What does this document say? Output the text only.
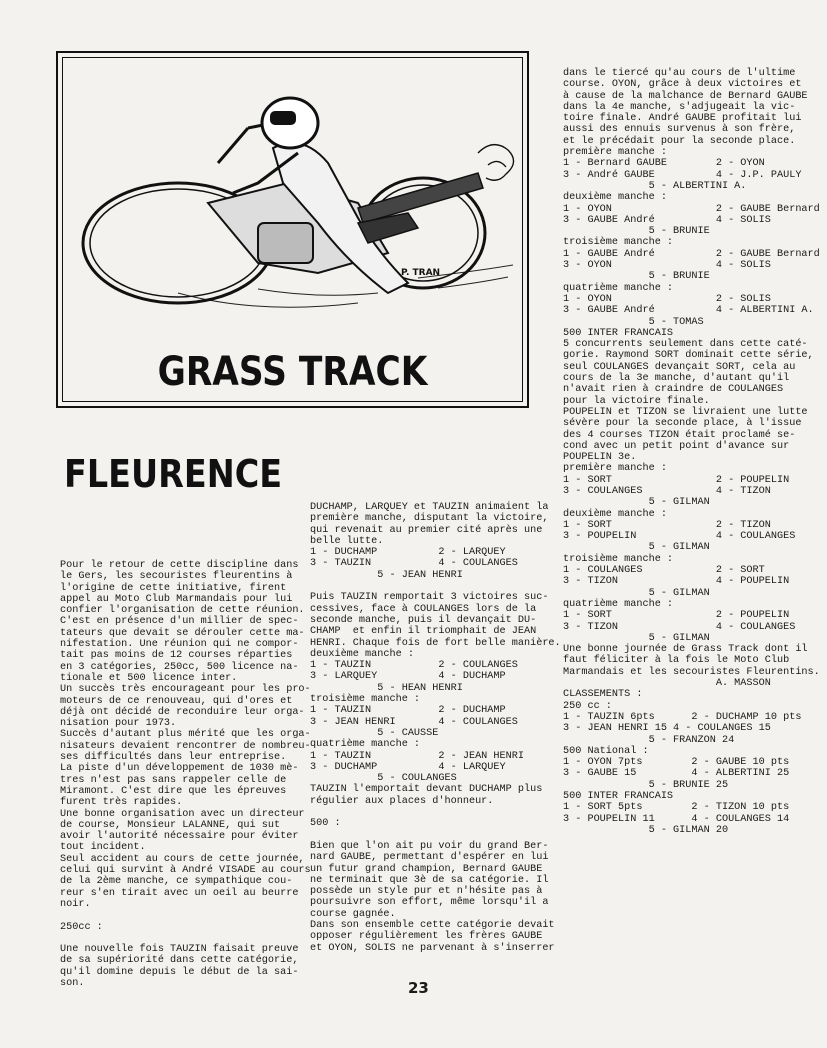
P. TRAN
GRASS TRACK
FLEURENCE

Pour le retour de cette discipline dans

le Gers, les secouristes fleurentins à

l'origine de cette initiative, firent

appel au Moto Club Marmandais pour lui

confier l'organisation de cette réunion.

C'est en présence d'un millier de spec-

tateurs que devait se dérouler cette ma-

nifestation. Une réunion qui ne compor-

tait pas moins de 12 courses réparties

en 3 catégories, 250cc, 500 licence na-

tionale et 500 licence inter.

Un succès très encourageant pour les pro-

moteurs de ce renouveau, qui d'ores et

déjà ont décidé de reconduire leur orga-

nisation pour 1973.

Succès d'autant plus mérité que les orga-

nisateurs devaient rencontrer de nombreu-

ses difficultés dans leur entreprise.

La piste d'un développement de 1030 mè-

tres n'est pas sans rappeler celle de

Miramont. C'est dire que les épreuves

furent très rapides.

Une bonne organisation avec un directeur

de course, Monsieur LALANNE, qui sut

avoir l'autorité nécessaire pour éviter

tout incident.

Seul accident au cours de cette journée,

celui qui survint à André VISADE au cours

de la 2ème manche, ce sympathique cou-

reur s'en tirait avec un oeil au beurre

noir.

250cc :

Une nouvelle fois TAUZIN faisait preuve

de sa supériorité dans cette catégorie,

qu'il domine depuis le début de la sai-

son.

DUCHAMP, LARQUEY et TAUZIN animaient la

première manche, disputant la victoire,

qui revenait au premier cité après une

belle lutte.

1 - DUCHAMP          2 - LARQUEY

3 - TAUZIN           4 - COULANGES

5 - JEAN HENRI

Puis TAUZIN remportait 3 victoires suc-

cessives, face à COULANGES lors de la

seconde manche, puis il devançait DU-

CHAMP  et enfin il triomphait de JEAN

HENRI. Chaque fois de fort belle manière.

deuxième manche :

1 - TAUZIN           2 - COULANGES

3 - LARQUEY          4 - DUCHAMP

5 - HEAN HENRI

troisième manche :

1 - TAUZIN           2 - DUCHAMP

3 - JEAN HENRI       4 - COULANGES

5 - CAUSSE

quatrième manche :

1 - TAUZIN           2 - JEAN HENRI

3 - DUCHAMP          4 - LARQUEY

5 - COULANGES

TAUZIN l'emportait devant DUCHAMP plus

régulier aux places d'honneur.

500 :

Bien que l'on ait pu voir du grand Ber-

nard GAUBE, permettant d'espérer en lui

un futur grand champion, Bernard GAUBE

ne terminait que 3è de sa catégorie. Il

possède un style pur et n'hésite pas à

poursuivre son effort, même lorsqu'il a

course gagnée.

Dans son ensemble cette catégorie devait

opposer régulièrement les frères GAUBE

et OYON, SOLIS ne parvenant à s'inserrer

dans le tiercé qu'au cours de l'ultime

course. OYON, grâce à deux victoires et

à cause de la malchance de Bernard GAUBE

dans la 4e manche, s'adjugeait la vic-

toire finale. André GAUBE profitait lui

aussi des ennuis survenus à son frère,

et le précédait pour la seconde place.

première manche :

1 - Bernard GAUBE        2 - OYON

3 - André GAUBE          4 - J.P. PAULY

5 - ALBERTINI A.

deuxième manche :

1 - OYON                 2 - GAUBE Bernard

3 - GAUBE André          4 - SOLIS

5 - BRUNIE

troisième manche :

1 - GAUBE André          2 - GAUBE Bernard

3 - OYON                 4 - SOLIS

5 - BRUNIE

quatrième manche :

1 - OYON                 2 - SOLIS

3 - GAUBE André          4 - ALBERTINI A.

5 - TOMAS

500 INTER FRANCAIS

5 concurrents seulement dans cette caté-

gorie. Raymond SORT dominait cette série,

seul COULANGES devançait SORT, cela au

cours de la 3e manche, d'autant qu'il

n'avait rien à craindre de COULANGES

pour la victoire finale.

POUPELIN et TIZON se livraient une lutte

sévère pour la seconde place, à l'issue

des 4 courses TIZON était proclamé se-

cond avec un petit point d'avance sur

POUPELIN 3e.

première manche :

1 - SORT                 2 - POUPELIN

3 - COULANGES            4 - TIZON

5 - GILMAN

deuxième manche :

1 - SORT                 2 - TIZON

3 - POUPELIN             4 - COULANGES

5 - GILMAN

troisième manche :

1 - COULANGES            2 - SORT

3 - TIZON                4 - POUPELIN

5 - GILMAN

quatrième manche :

1 - SORT                 2 - POUPELIN

3 - TIZON                4 - COULANGES

5 - GILMAN

Une bonne journée de Grass Track dont il

faut féliciter à la fois le Moto Club

Marmandais et les secouristes Fleurentins.

A. MASSON

CLASSEMENTS :

250 cc :

1 - TAUZIN 6pts      2 - DUCHAMP 10 pts

3 - JEAN HENRI 15 4 - COULANGES 15

5 - FRANZON 24

500 National :

1 - OYON 7pts        2 - GAUBE 10 pts

3 - GAUBE 15         4 - ALBERTINI 25

5 - BRUNIE 25

500 INTER FRANCAIS

1 - SORT 5pts        2 - TIZON 10 pts

3 - POUPELIN 11      4 - COULANGES 14

5 - GILMAN 20

23
